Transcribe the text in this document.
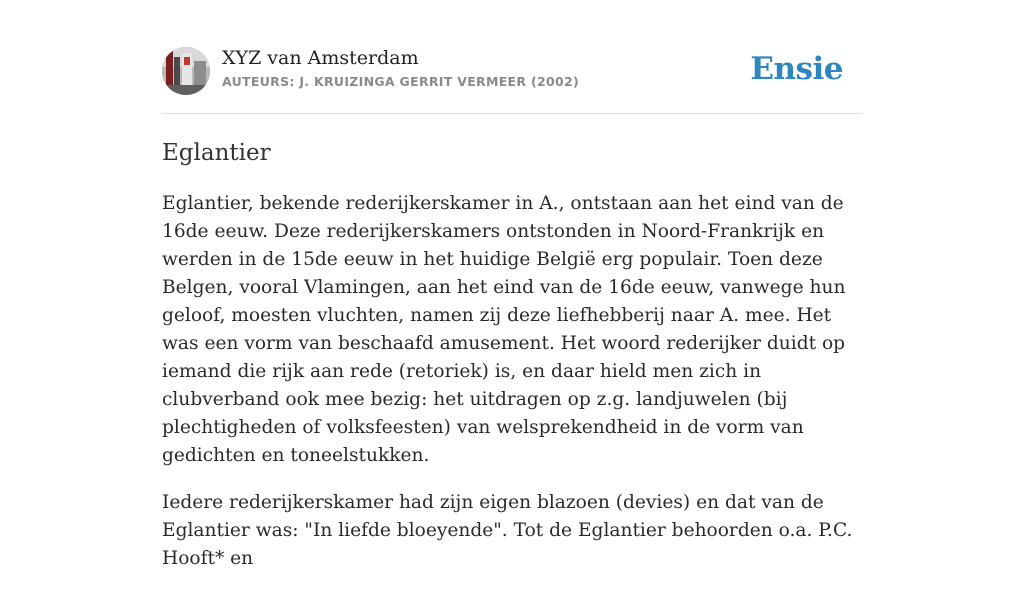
XYZ van Amsterdam
AUTEURS: J. KRUIZINGA GERRIT VERMEER (2002)	Ensie
Eglantier

Eglantier, bekende rederijkerskamer in A., ontstaan aan het eind van de 16de eeuw. Deze rederijkerskamers ontstonden in Noord-Frankrijk en werden in de 15de eeuw in het huidige België erg populair. Toen deze Belgen, vooral Vlamingen, aan het eind van de 16de eeuw, vanwege hun geloof, moesten vluchten, namen zij deze liefhebberij naar A. mee. Het was een vorm van beschaafd amusement. Het woord rederijker duidt op iemand die rijk aan rede (retoriek) is, en daar hield men zich in clubverband ook mee bezig: het uitdragen op z.g. landjuwelen (bij plechtigheden of volksfeesten) van welsprekendheid in de vorm van gedichten en toneelstukken.

Iedere rederijkerskamer had zijn eigen blazoen (devies) en dat van de Eglantier was: "In liefde bloeyende". Tot de Eglantier behoorden o.a. P.C. Hooft* en
